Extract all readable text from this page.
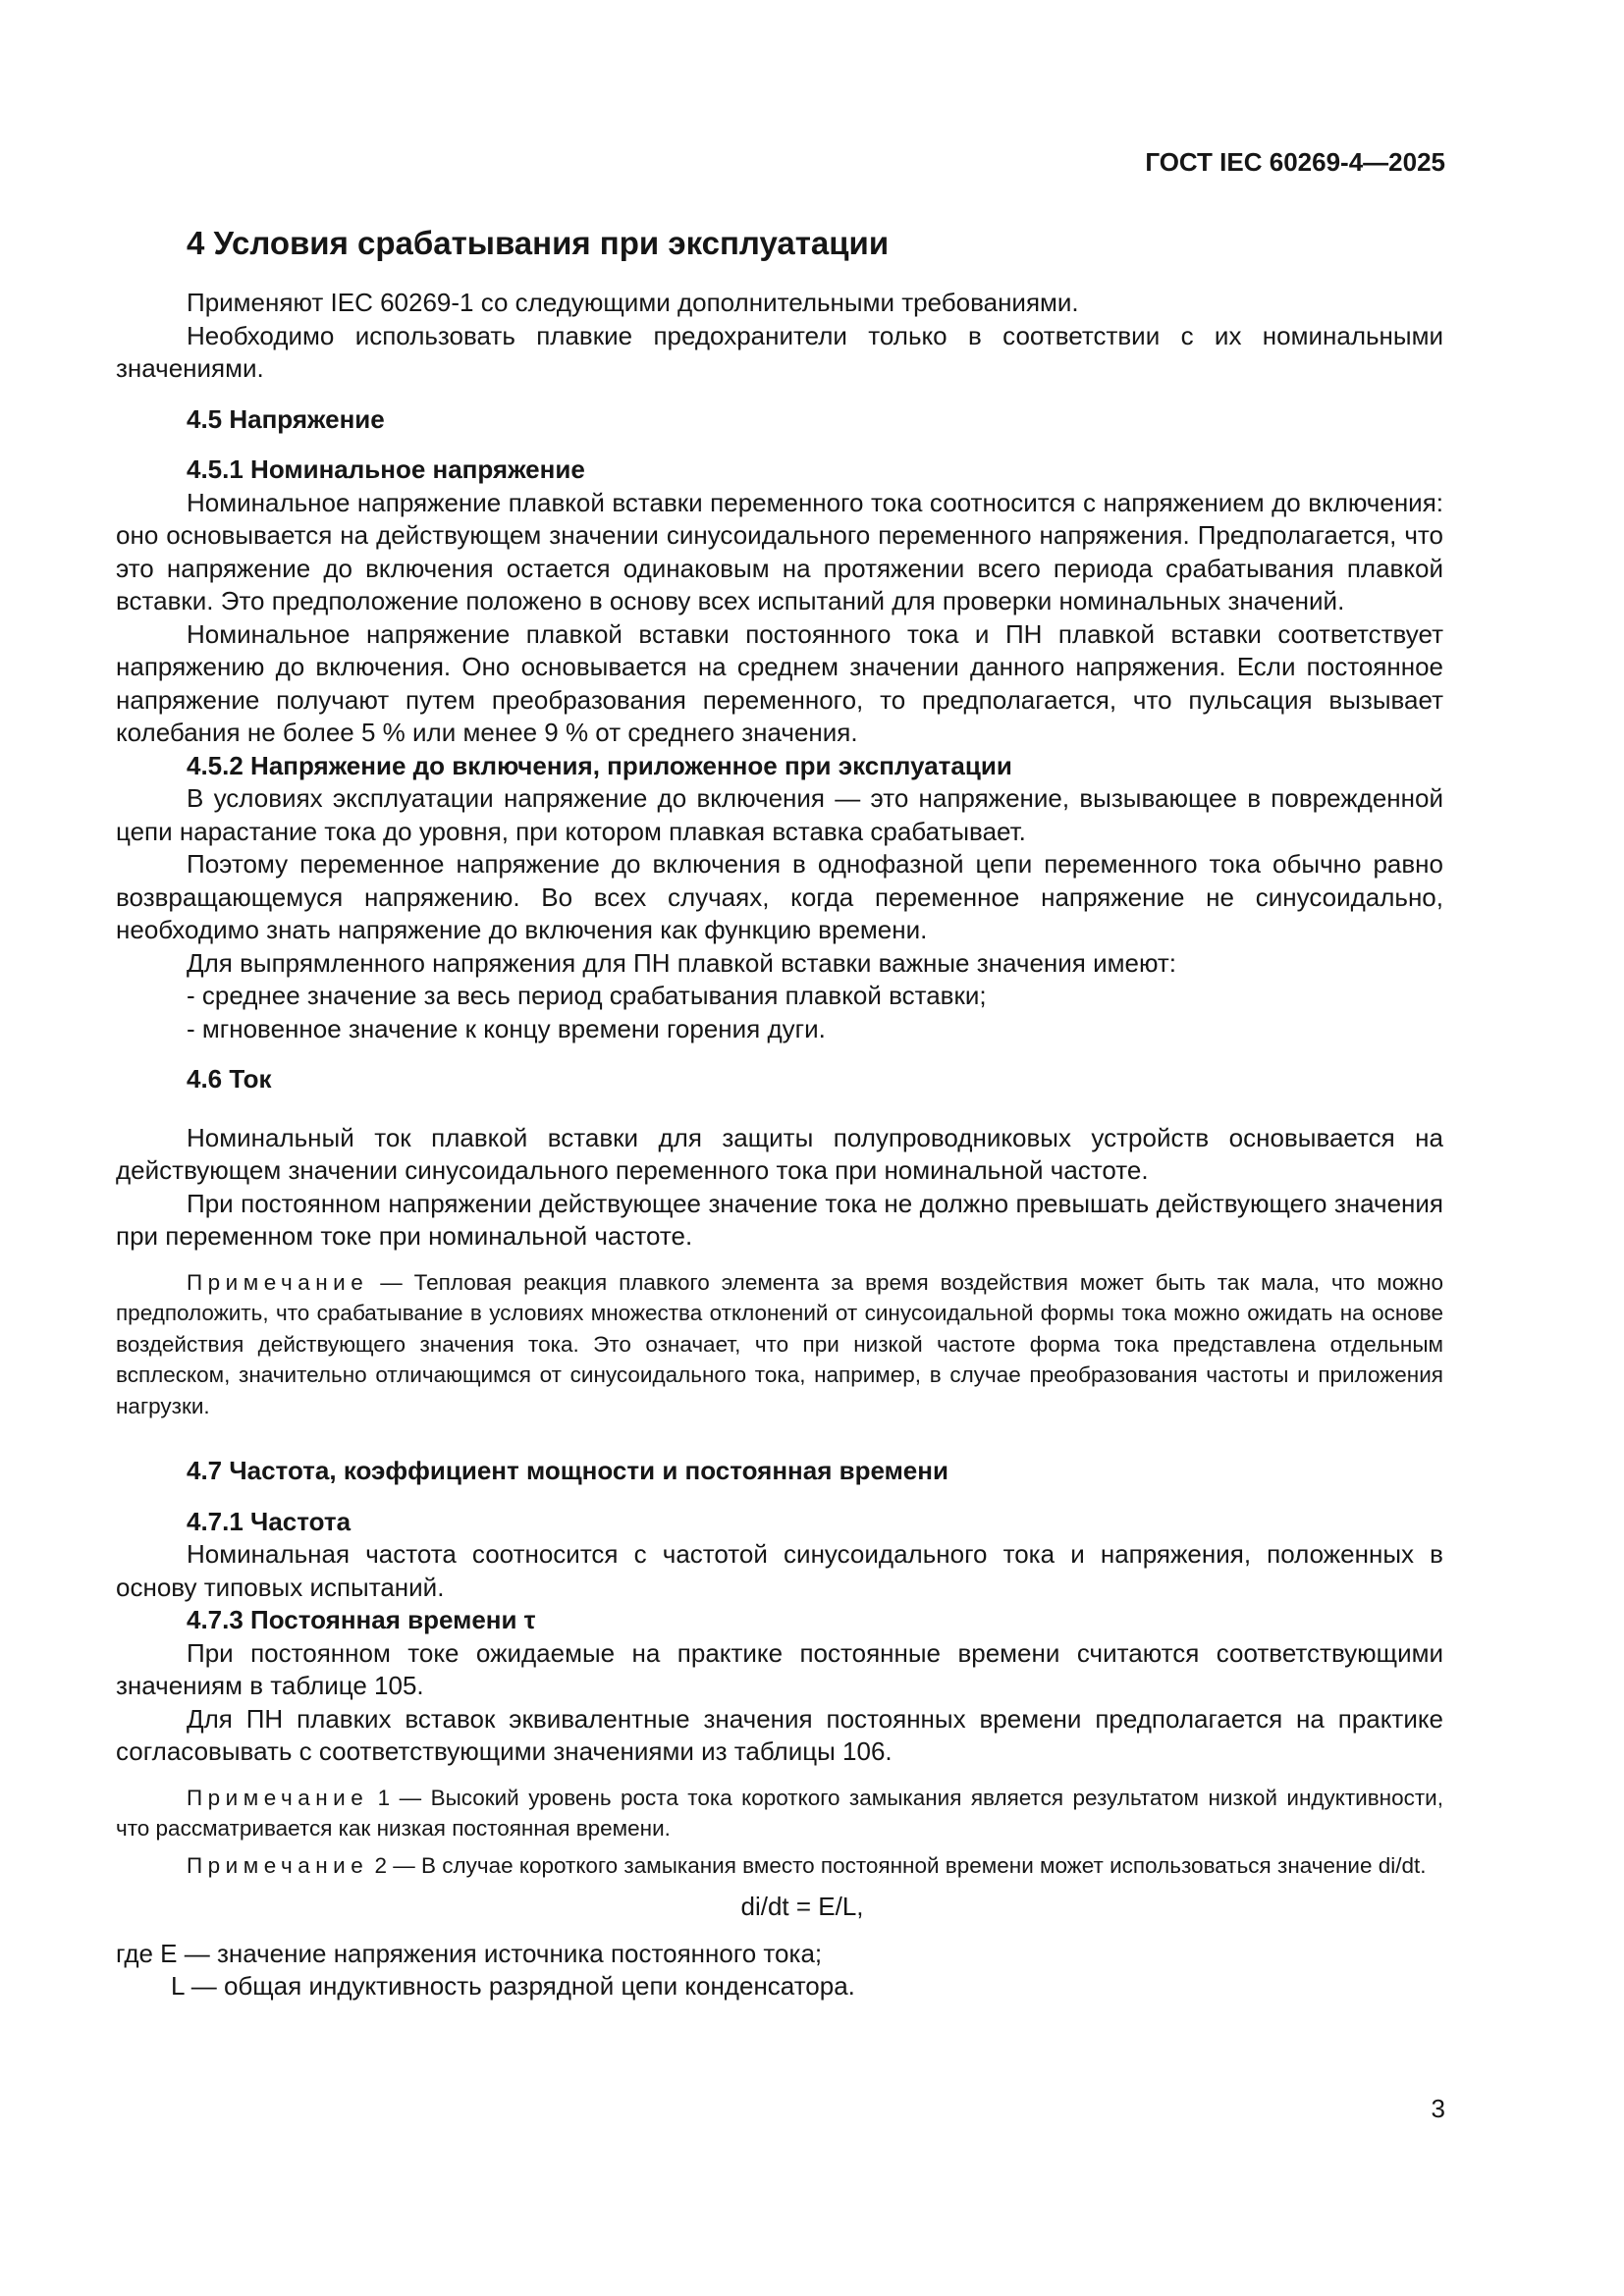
ГОСТ IEC 60269-4—2025
4 Условия срабатывания при эксплуатации

Применяют IEC 60269-1 со следующими дополнительными требованиями.

Необходимо использовать плавкие предохранители только в соответствии с их номинальными значениями.

4.5 Напряжение
4.5.1 Номинальное напряжение

Номинальное напряжение плавкой вставки переменного тока соотносится с напряжением до включения: оно основывается на действующем значении синусоидального переменного напряжения. Предполагается, что это напряжение до включения остается одинаковым на протяжении всего периода срабатывания плавкой вставки. Это предположение положено в основу всех испытаний для проверки номинальных значений.

Номинальное напряжение плавкой вставки постоянного тока и ПН плавкой вставки соответствует напряжению до включения. Оно основывается на среднем значении данного напряжения. Если постоянное напряжение получают путем преобразования переменного, то предполагается, что пульсация вызывает колебания не более 5 % или менее 9 % от среднего значения.

4.5.2 Напряжение до включения, приложенное при эксплуатации

В условиях эксплуатации напряжение до включения — это напряжение, вызывающее в поврежденной цепи нарастание тока до уровня, при котором плавкая вставка срабатывает.

Поэтому переменное напряжение до включения в однофазной цепи переменного тока обычно равно возвращающемуся напряжению. Во всех случаях, когда переменное напряжение не синусоидально, необходимо знать напряжение до включения как функцию времени.

Для выпрямленного напряжения для ПН плавкой вставки важные значения имеют:

- среднее значение за весь период срабатывания плавкой вставки;
- мгновенное значение к концу времени горения дуги.
4.6 Ток

Номинальный ток плавкой вставки для защиты полупроводниковых устройств основывается на действующем значении синусоидального переменного тока при номинальной частоте.

При постоянном напряжении действующее значение тока не должно превышать действующего значения при переменном токе при номинальной частоте.

Примечание — Тепловая реакция плавкого элемента за время воздействия может быть так мала, что можно предположить, что срабатывание в условиях множества отклонений от синусоидальной формы тока можно ожидать на основе воздействия действующего значения тока. Это означает, что при низкой частоте форма тока представлена отдельным всплеском, значительно отличающимся от синусоидального тока, например, в случае преобразования частоты и приложения нагрузки.

4.7 Частота, коэффициент мощности и постоянная времени
4.7.1 Частота

Номинальная частота соотносится с частотой синусоидального тока и напряжения, положенных в основу типовых испытаний.

4.7.3 Постоянная времени τ

При постоянном токе ожидаемые на практике постоянные времени считаются соответствующими значениям в таблице 105.

Для ПН плавких вставок эквивалентные значения постоянных времени предполагается на практике согласовывать с соответствующими значениями из таблицы 106.

Примечание 1 — Высокий уровень роста тока короткого замыкания является результатом низкой индуктивности, что рассматривается как низкая постоянная времени.

Примечание 2 — В случае короткого замыкания вместо постоянной времени может использоваться значение di/dt.

di/dt = E/L,

где E — значение напряжения источника постоянного тока;

L — общая индуктивность разрядной цепи конденсатора.

3
